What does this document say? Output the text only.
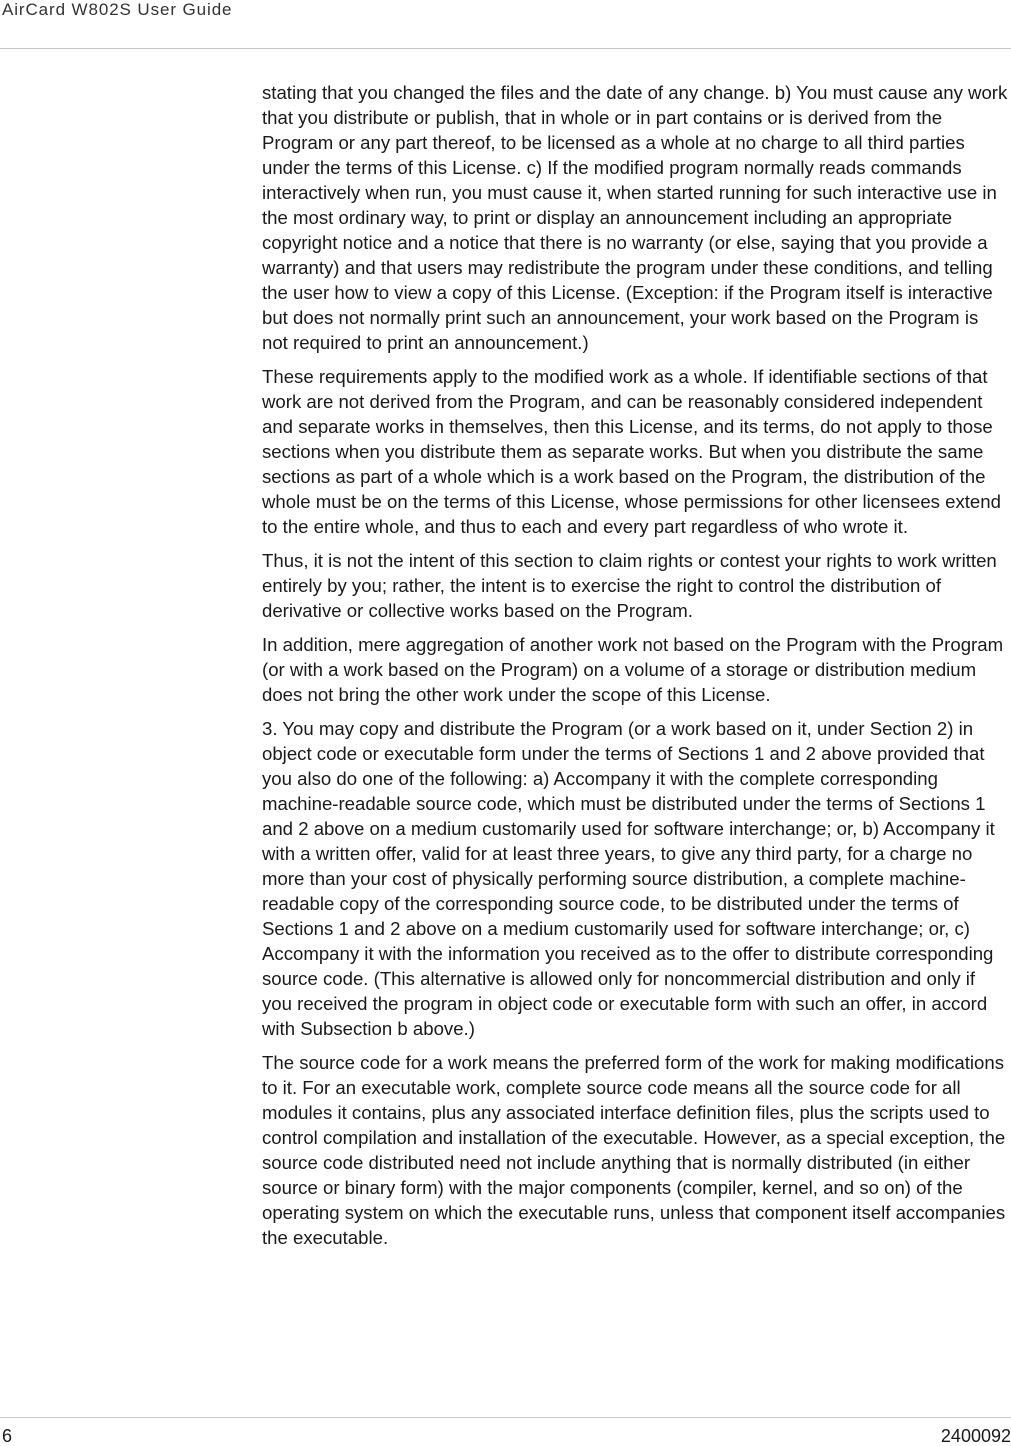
AirCard W802S User Guide

stating that you changed the files and the date of any change. b) You must cause any work that you distribute or publish, that in whole or in part contains or is derived from the Program or any part thereof, to be licensed as a whole at no charge to all third parties under the terms of this License. c) If the modified program normally reads commands interactively when run, you must cause it, when started running for such interactive use in the most ordinary way, to print or display an announcement including an appropriate copyright notice and a notice that there is no warranty (or else, saying that you provide a warranty) and that users may redistribute the program under these conditions, and telling the user how to view a copy of this License. (Exception: if the Program itself is interactive but does not normally print such an announcement, your work based on the Program is not required to print an announcement.)

These requirements apply to the modified work as a whole. If identifiable sections of that work are not derived from the Program, and can be reasonably considered independent and separate works in themselves, then this License, and its terms, do not apply to those sections when you distribute them as separate works. But when you distribute the same sections as part of a whole which is a work based on the Program, the distribution of the whole must be on the terms of this License, whose permissions for other licensees extend to the entire whole, and thus to each and every part regardless of who wrote it.

Thus, it is not the intent of this section to claim rights or contest your rights to work written entirely by you; rather, the intent is to exercise the right to control the distribution of derivative or collective works based on the Program.

In addition, mere aggregation of another work not based on the Program with the Program (or with a work based on the Program) on a volume of a storage or distribution medium does not bring the other work under the scope of this License.

3. You may copy and distribute the Program (or a work based on it, under Section 2) in object code or executable form under the terms of Sections 1 and 2 above provided that you also do one of the following: a) Accompany it with the complete corresponding machine-readable source code, which must be distributed under the terms of Sections 1 and 2 above on a medium customarily used for software interchange; or, b) Accompany it with a written offer, valid for at least three years, to give any third party, for a charge no more than your cost of physically performing source distribution, a complete machine-readable copy of the corresponding source code, to be distributed under the terms of Sections 1 and 2 above on a medium customarily used for software interchange; or, c) Accompany it with the information you received as to the offer to distribute corresponding source code. (This alternative is allowed only for noncommercial distribution and only if you received the program in object code or executable form with such an offer, in accord with Subsection b above.)

The source code for a work means the preferred form of the work for making modifications to it. For an executable work, complete source code means all the source code for all modules it contains, plus any associated interface definition files, plus the scripts used to control compilation and installation of the executable. However, as a special exception, the source code distributed need not include anything that is normally distributed (in either source or binary form) with the major components (compiler, kernel, and so on) of the operating system on which the executable runs, unless that component itself accompanies the executable.

6	2400092
